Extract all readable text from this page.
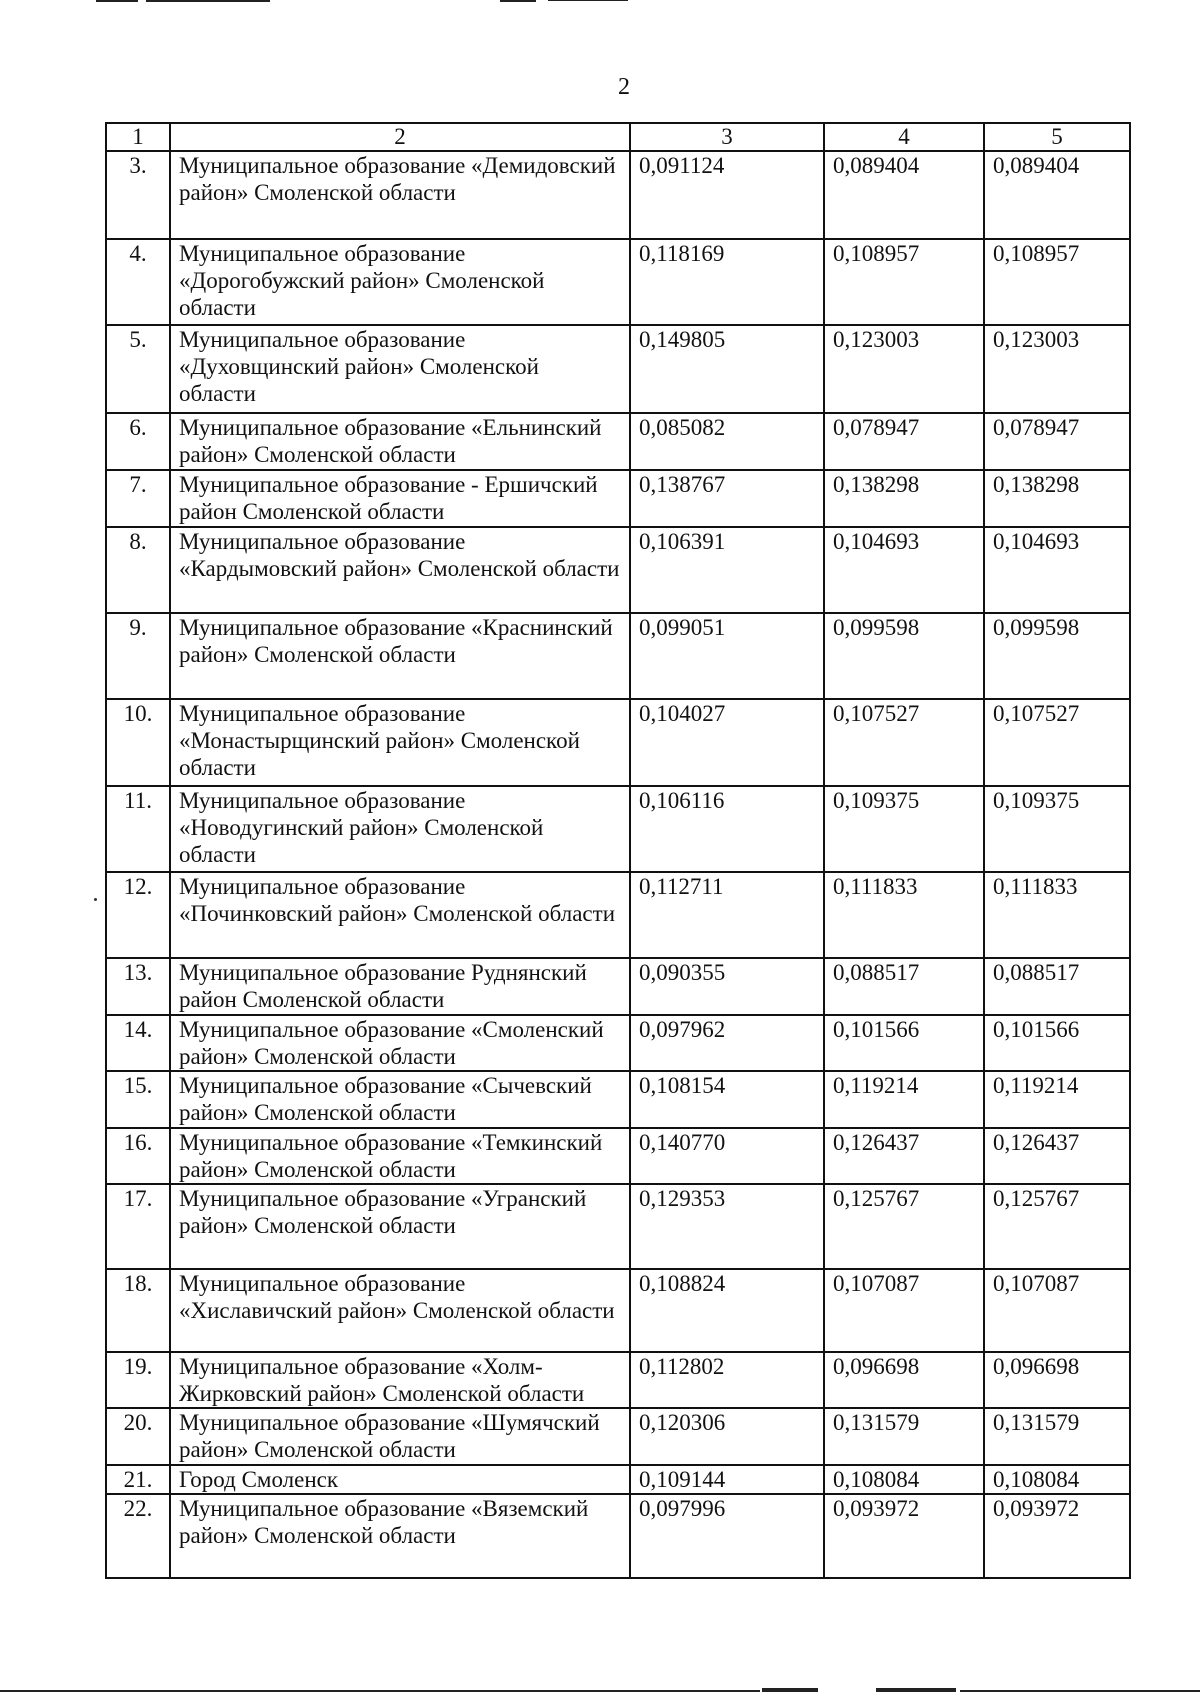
2
1	2	3	4	5
3.	Муниципальное образование «Демидовский район» Смоленской области	0,091124	0,089404	0,089404
4.	Муниципальное образование «Дорогобужский район» Смоленской области	0,118169	0,108957	0,108957
5.	Муниципальное образование «Духовщинский район» Смоленской области	0,149805	0,123003	0,123003
6.	Муниципальное образование «Ельнинский район» Смоленской области	0,085082	0,078947	0,078947
7.	Муниципальное образование - Ершичский район Смоленской области	0,138767	0,138298	0,138298
8.	Муниципальное образование «Кардымовский район» Смоленской области	0,106391	0,104693	0,104693
9.	Муниципальное образование «Краснинский район» Смоленской области	0,099051	0,099598	0,099598
10.	Муниципальное образование «Монастырщинский район» Смоленской области	0,104027	0,107527	0,107527
11.	Муниципальное образование «Новодугинский район» Смоленской области	0,106116	0,109375	0,109375
12.	Муниципальное образование «Починковский район» Смоленской области	0,112711	0,111833	0,111833
13.	Муниципальное образование Руднянский район Смоленской области	0,090355	0,088517	0,088517
14.	Муниципальное образование «Смоленский район» Смоленской области	0,097962	0,101566	0,101566
15.	Муниципальное образование «Сычевский район» Смоленской области	0,108154	0,119214	0,119214
16.	Муниципальное образование «Темкинский район» Смоленской области	0,140770	0,126437	0,126437
17.	Муниципальное образование «Угранский район» Смоленской области	0,129353	0,125767	0,125767
18.	Муниципальное образование «Хиславичский район» Смоленской области	0,108824	0,107087	0,107087
19.	Муниципальное образование «Холм-Жирковский район» Смоленской области	0,112802	0,096698	0,096698
20.	Муниципальное образование «Шумячский район» Смоленской области	0,120306	0,131579	0,131579
21.	Город Смоленск	0,109144	0,108084	0,108084
22.	Муниципальное образование «Вяземский район» Смоленской области	0,097996	0,093972	0,093972
